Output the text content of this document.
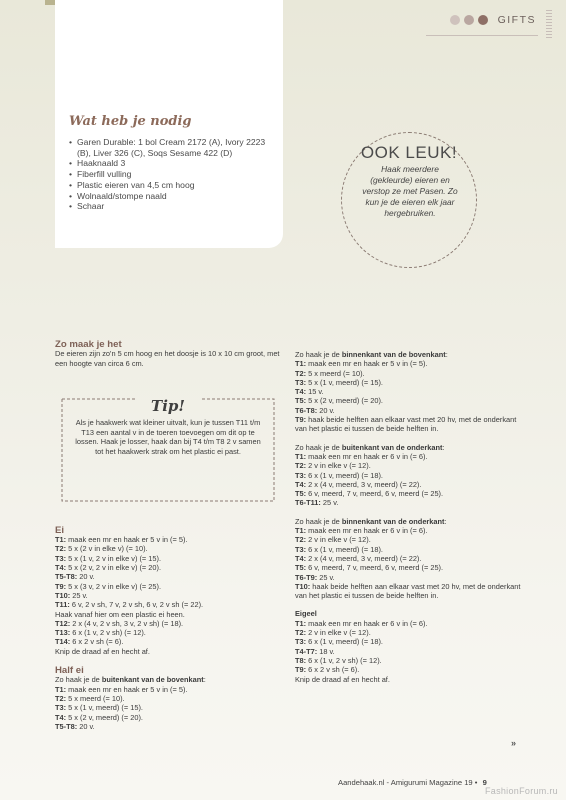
GIFTS
Wat heb je nodig
• Garen Durable: 1 bol Cream 2172 (A), Ivory 2223 (B), Liver 326 (C), Soqs Sesame 422 (D)
• Haaknaald 3
• Fiberfill vulling
• Plastic eieren van 4,5 cm hoog
• Wolnaald/stompe naald
• Schaar
OOK LEUK!
Haak meerdere (gekleurde) eieren en verstop ze met Pasen. Zo kun je de eieren elk jaar hergebruiken.

Zo maak je het

De eieren zijn zo'n 5 cm hoog en het doosje is 10 x 10 cm groot, met een hoogte van circa 6 cm.

Ei

T1: maak een mr en haak er 5 v in (= 5).

T2: 5 x (2 v in elke v) (= 10).

T3: 5 x (1 v, 2 v in elke v) (= 15).

T4: 5 x (2 v, 2 v in elke v) (= 20).

T5-T8: 20 v.

T9: 5 x (3 v, 2 v in elke v) (= 25).

T10: 25 v.

T11: 6 v, 2 v sh, 7 v, 2 v sh, 6 v, 2 v sh (= 22).

Haak vanaf hier om een plastic ei heen.

T12: 2 x (4 v, 2 v sh, 3 v, 2 v sh) (= 18).

T13: 6 x (1 v, 2 v sh) (= 12).

T14: 6 x 2 v sh (= 6).

Knip de draad af en hecht af.

Half ei

Zo haak je de buitenkant van de bovenkant:

T1: maak een mr en haak er 5 v in (= 5).

T2: 5 x meerd (= 10).

T3: 5 x (1 v, meerd) (= 15).

T4: 5 x (2 v, meerd) (= 20).

T5-T8: 20 v.

Tip!
Als je haakwerk wat kleiner uitvalt, kun je tussen T11 t/m T13 een aantal v in de toeren toevoegen om dit op te lossen. Haak je losser, haak dan bij T4 t/m T8 2 v samen tot het haakwerk strak om het plastic ei past.

Zo haak je de binnenkant van de bovenkant:

T1: maak een mr en haak er 5 v in (= 5).

T2: 5 x meerd (= 10).

T3: 5 x (1 v, meerd) (= 15).

T4: 15 v.

T5: 5 x (2 v, meerd) (= 20).

T6-T8: 20 v.

T9: haak beide helften aan elkaar vast met 20 hv, met de onderkant van het plastic ei tussen de beide helften in.

Zo haak je de buitenkant van de onderkant:

T1: maak een mr en haak er 6 v in (= 6).

T2: 2 v in elke v (= 12).

T3: 6 x (1 v, meerd) (= 18).

T4: 2 x (4 v, meerd, 3 v, meerd) (= 22).

T5: 6 v, meerd, 7 v, meerd, 6 v, meerd (= 25).

T6-T11: 25 v.

Zo haak je de binnenkant van de onderkant:

T1: maak een mr en haak er 6 v in (= 6).

T2: 2 v in elke v (= 12).

T3: 6 x (1 v, meerd) (= 18).

T4: 2 x (4 v, meerd, 3 v, meerd) (= 22).

T5: 6 v, meerd, 7 v, meerd, 6 v, meerd (= 25).

T6-T9: 25 v.

T10: haak beide helften aan elkaar vast met 20 hv, met de onderkant van het plastic ei tussen de beide helften in.

Eigeel

T1: maak een mr en haak er 6 v in (= 6).

T2: 2 v in elke v (= 12).

T3: 6 x (1 v, meerd) (= 18).

T4-T7: 18 v.

T8: 6 x (1 v, 2 v sh) (= 12).

T9: 6 x 2 v sh (= 6).

Knip de draad af en hecht af.

»
Aandehaak.nl - Amigurumi Magazine 19 • 9
FashionForum.ru
